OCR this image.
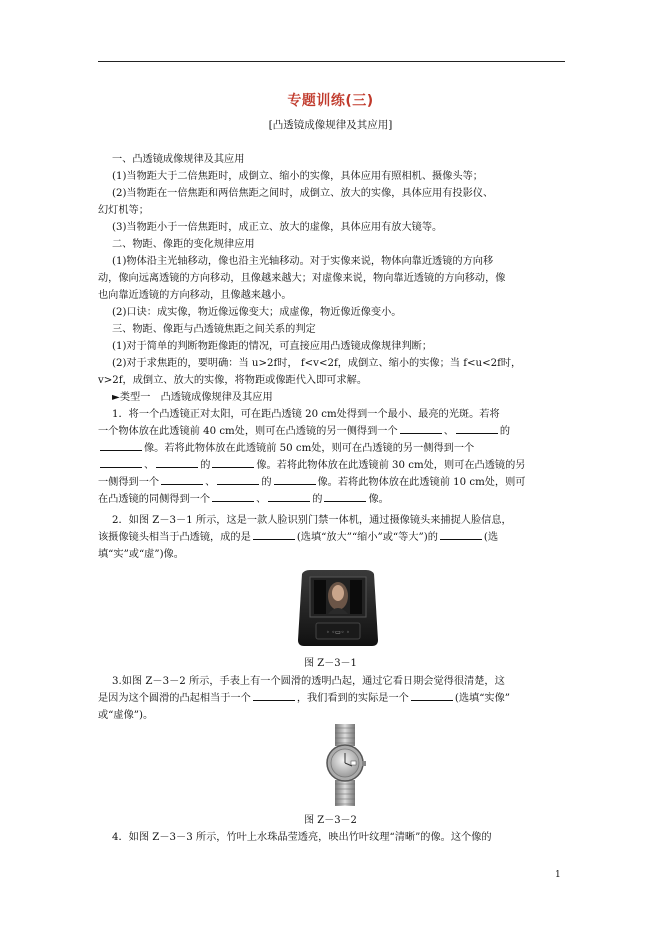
专题训练(三)
[凸透镜成像规律及其应用]
一、凸透镜成像规律及其应用
(1)当物距大于二倍焦距时，成倒立、缩小的实像，具体应用有照相机、摄像头等；
(2)当物距在一倍焦距和两倍焦距之间时，成倒立、放大的实像，具体应用有投影仪、
幻灯机等；
(3)当物距小于一倍焦距时，成正立、放大的虚像，具体应用有放大镜等。
二、物距、像距的变化规律应用
(1)物体沿主光轴移动，像也沿主光轴移动。对于实像来说，物体向靠近透镜的方向移
动，像向远离透镜的方向移动，且像越来越大；对虚像来说，物向靠近透镜的方向移动，像
也向靠近透镜的方向移动，且像越来越小。
(2)口诀：成实像，物近像远像变大；成虚像，物近像近像变小。
三、物距、像距与凸透镜焦距之间关系的判定
(1)对于简单的判断物距像距的情况，可直接应用凸透镜成像规律判断；
(2)对于求焦距的，要明确：当 u>2f时， f<v<2f，成倒立、缩小的实像；当 f<u<2f时，
v>2f，成倒立、放大的实像，将物距或像距代入即可求解。
►类型一　凸透镜成像规律及其应用
1．将一个凸透镜正对太阳，可在距凸透镜 20 cm处得到一个最小、最亮的光斑。若将
一个物体放在此透镜前 40 cm处，则可在凸透镜的另一侧得到一个	、	的
像。若将此物体放在此透镜前 50 cm处，则可在凸透镜的另一侧得到一个
、	的	像。若将此物体放在此透镜前 30 cm处，则可在凸透镜的另
一侧得到一个	、	的	像。若将此物体放在此透镜前 10 cm处，则可
在凸透镜的同侧得到一个	、	的	像。
2．如图 Z－3－1 所示，这是一款人脸识别门禁一体机，通过摄像镜头来捕捉人脸信息，
该摄像镜头相当于凸透镜，成的是	(选填“放大”“缩小”或“等大”)的	(选
填“实”或“虚”)像。
◦ ◦▭◦ ◦
图 Z－3－1
3.如图 Z－3－2 所示，手表上有一个圆滑的透明凸起，通过它看日期会觉得很清楚，这
是因为这个圆滑的凸起相当于一个	，我们看到的实际是一个	(选填“实像”
或“虚像”)。
图 Z－3－2
4．如图 Z－3－3 所示，竹叶上水珠晶莹透亮，映出竹叶纹理“清晰”的像。这个像的
1
